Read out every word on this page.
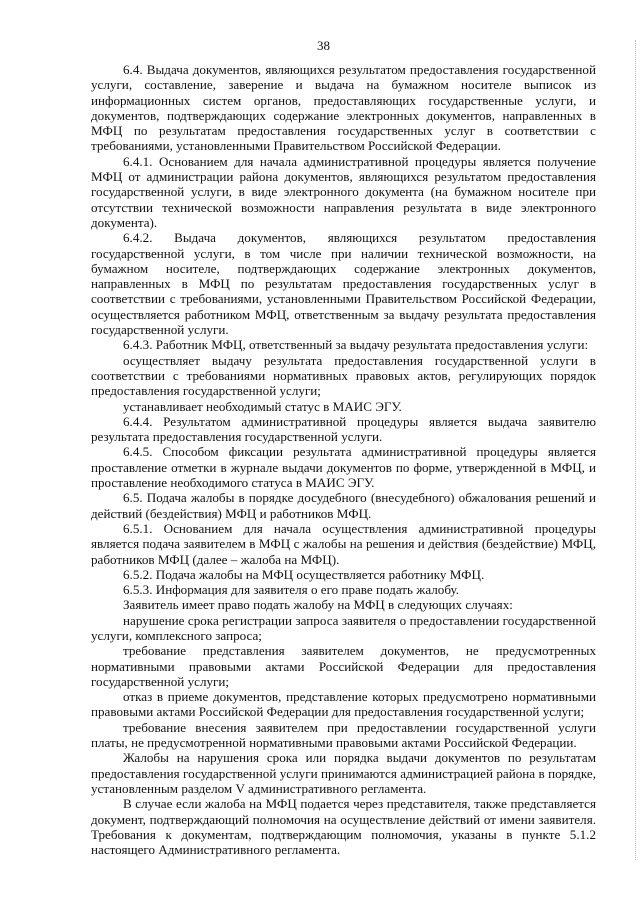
38

6.4. Выдача документов, являющихся результатом предоставления государственной услуги, составление, заверение и выдача на бумажном носителе выписок из информационных систем органов, предоставляющих государственные услуги, и документов, подтверждающих содержание электронных документов, направленных в МФЦ по результатам предоставления государственных услуг в соответствии с требованиями, установленными Правительством Российской Федерации.

6.4.1. Основанием для начала административной процедуры является получение МФЦ от администрации района документов, являющихся результатом предоставления государственной услуги, в виде электронного документа (на бумажном носителе при отсутствии технической возможности направления результата в виде электронного документа).

6.4.2. Выдача документов, являющихся результатом предоставления государственной услуги, в том числе при наличии технической возможности, на бумажном носителе, подтверждающих содержание электронных документов, направленных в МФЦ по результатам предоставления государственных услуг в соответствии с требованиями, установленными Правительством Российской Федерации, осуществляется работником МФЦ, ответственным за выдачу результата предоставления государственной услуги.

6.4.3. Работник МФЦ, ответственный за выдачу результата предоставления услуги:

осуществляет выдачу результата предоставления государственной услуги в соответствии с требованиями нормативных правовых актов, регулирующих порядок предоставления государственной услуги;

устанавливает необходимый статус в МАИС ЭГУ.

6.4.4. Результатом административной процедуры является выдача заявителю результата предоставления государственной услуги.

6.4.5. Способом фиксации результата административной процедуры является проставление отметки в журнале выдачи документов по форме, утвержденной в МФЦ, и проставление необходимого статуса в МАИС ЭГУ.

6.5. Подача жалобы в порядке досудебного (внесудебного) обжалования решений и действий (бездействия) МФЦ и работников МФЦ.

6.5.1. Основанием для начала осуществления административной процедуры является подача заявителем в МФЦ с жалобы на решения и действия (бездействие) МФЦ, работников МФЦ (далее – жалоба на МФЦ).

6.5.2. Подача жалобы на МФЦ осуществляется работнику МФЦ.

6.5.3. Информация для заявителя о его праве подать жалобу.

Заявитель имеет право подать жалобу на МФЦ в следующих случаях:

нарушение срока регистрации запроса заявителя о предоставлении государственной услуги, комплексного запроса;

требование представления заявителем документов, не предусмотренных нормативными правовыми актами Российской Федерации для предоставления государственной услуги;

отказ в приеме документов, представление которых предусмотрено нормативными правовыми актами Российской Федерации для предоставления государственной услуги;

требование внесения заявителем при предоставлении государственной услуги платы, не предусмотренной нормативными правовыми актами Российской Федерации.

Жалобы на нарушения срока или порядка выдачи документов по результатам предоставления государственной услуги принимаются администрацией района в порядке, установленным разделом V административного регламента.

В случае если жалоба на МФЦ подается через представителя, также представляется документ, подтверждающий полномочия на осуществление действий от имени заявителя. Требования к документам, подтверждающим полномочия, указаны в пункте 5.1.2 настоящего Административного регламента.
